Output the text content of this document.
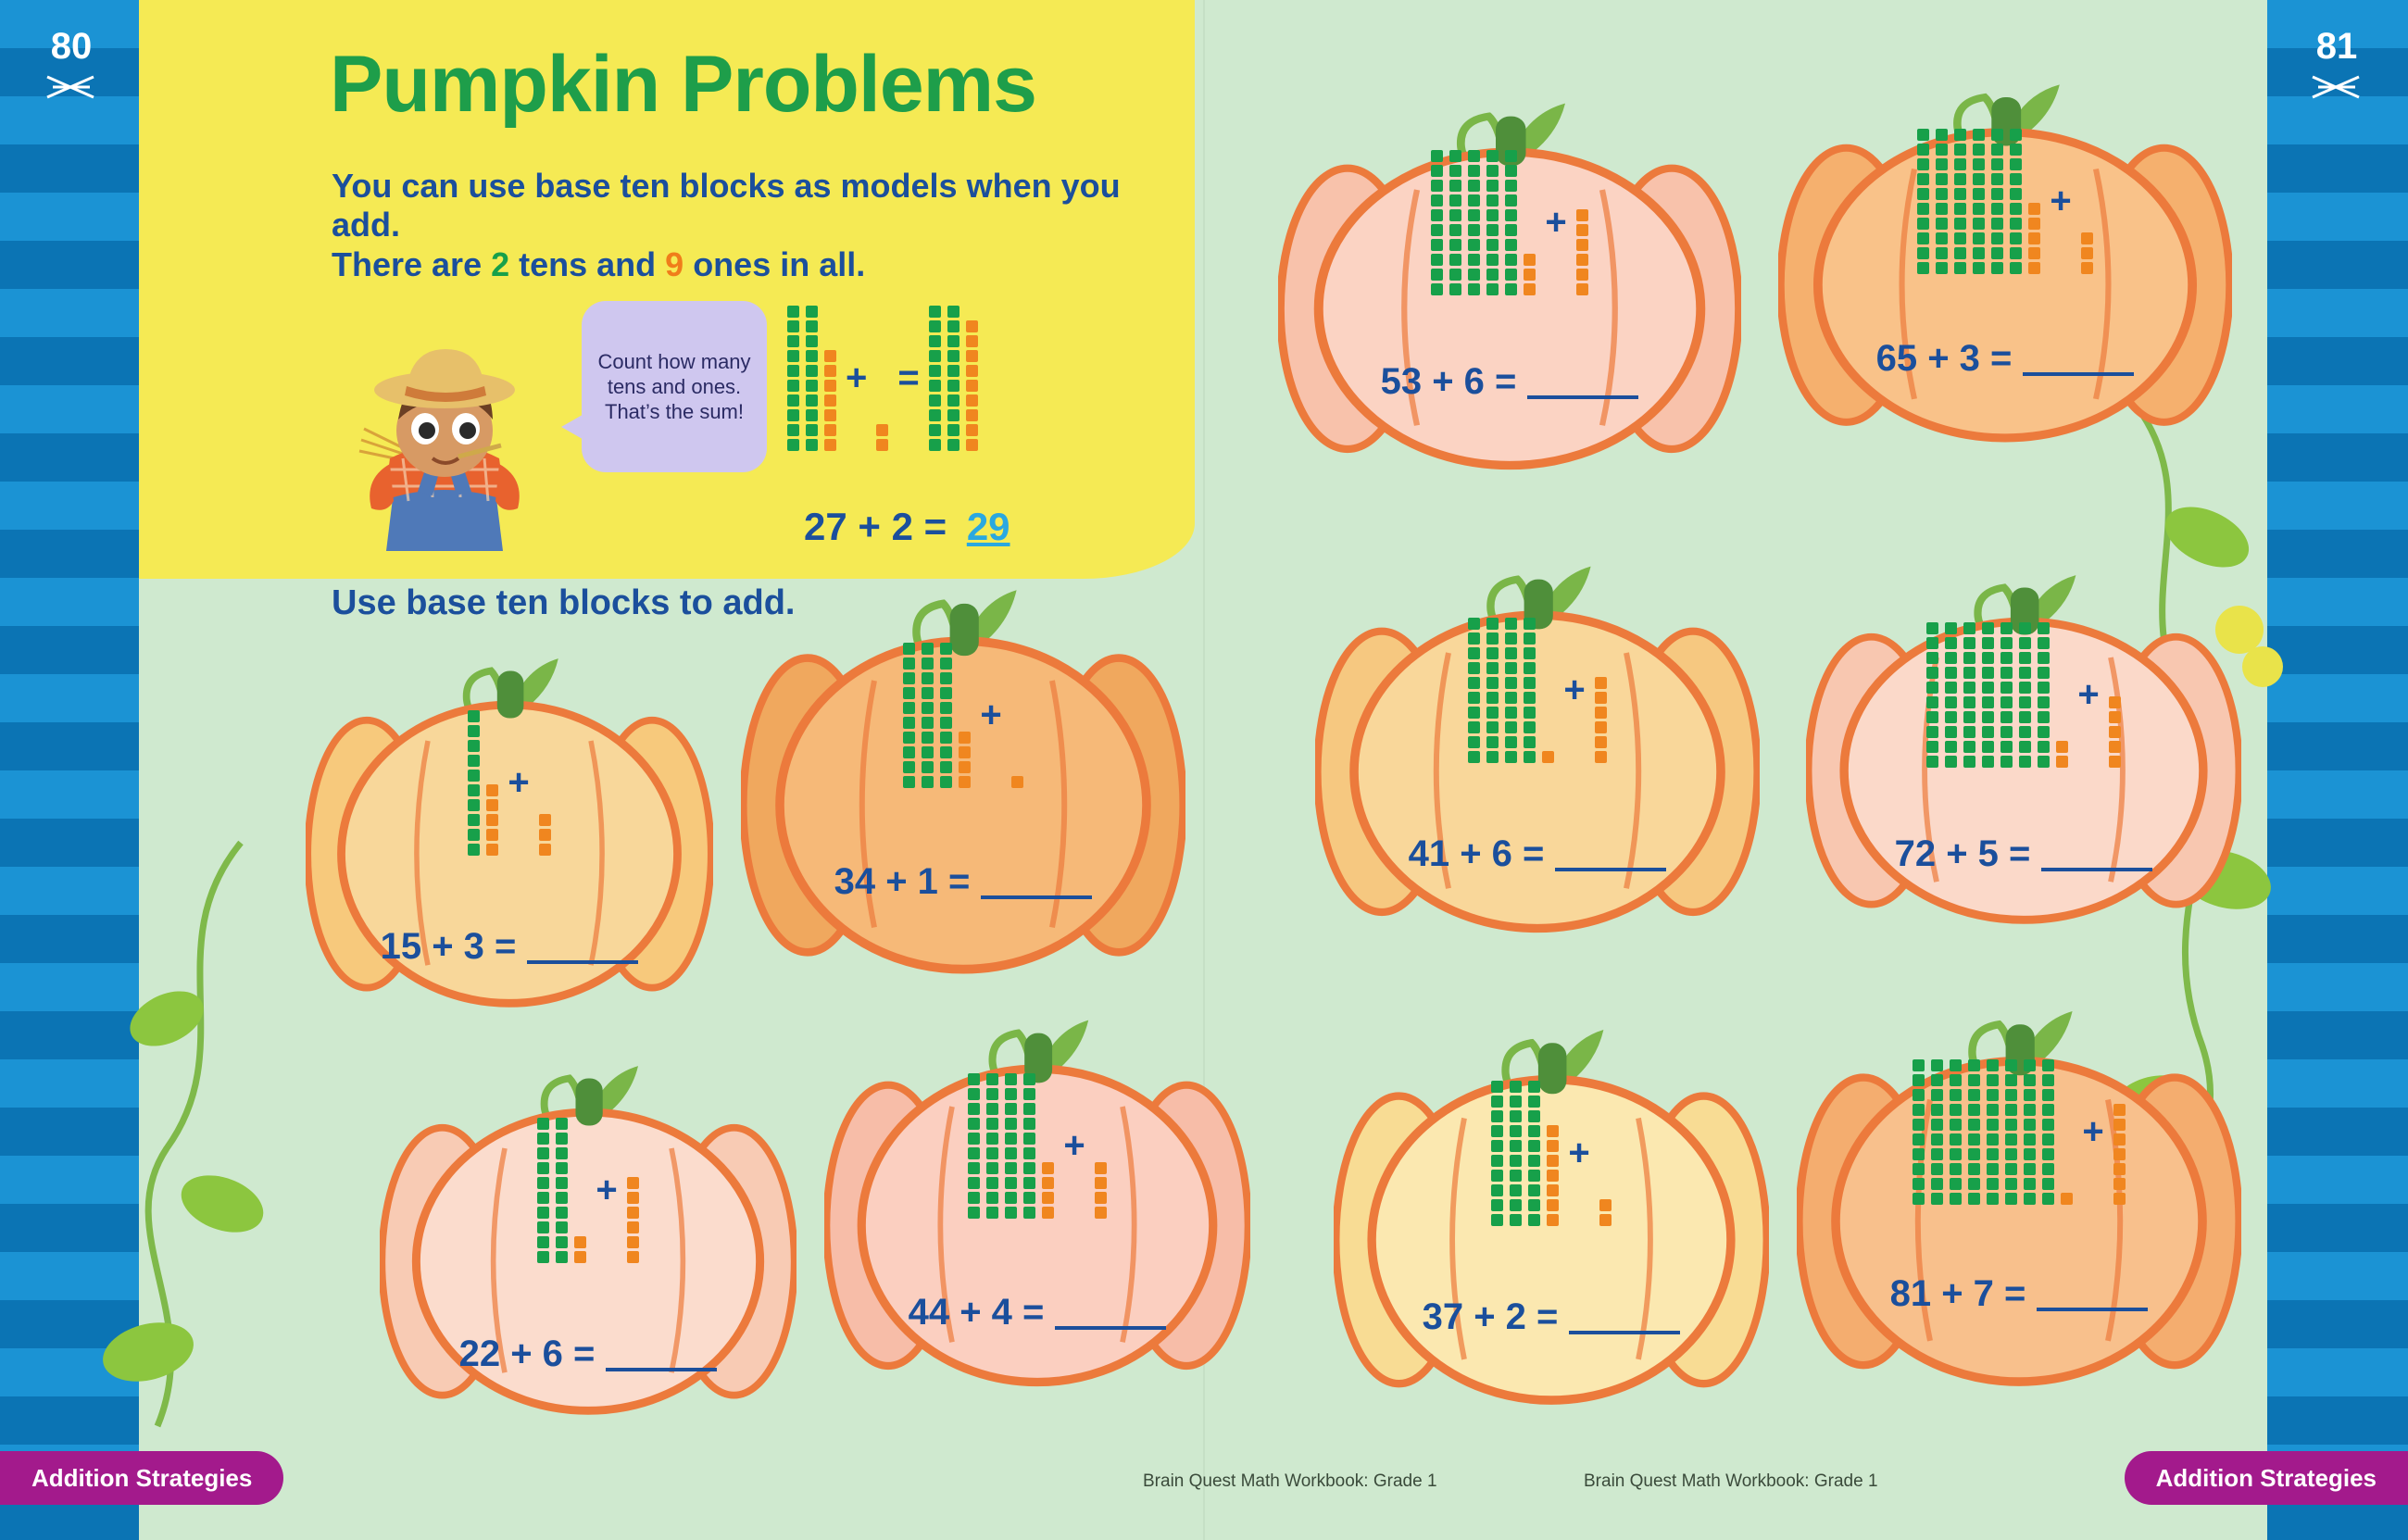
80	81
Pumpkin Problems
You can use base ten blocks as models when you add.
There are 2 tens and 9 ones in all.
Count how many tens and ones. That’s the sum!
+ =
27 + 2 = 29
Use base ten blocks to add.
+
15 + 3 =
+
34 + 1 =
+
22 + 6 =
+
44 + 4 =
+
53 + 6 =
+
65 + 3 =
+
41 + 6 =
+
72 + 5 =
+
37 + 2 =
+
81 + 7 =
Brain Quest Math Workbook: Grade 1	Brain Quest Math Workbook: Grade 1
Addition Strategies	Addition Strategies
